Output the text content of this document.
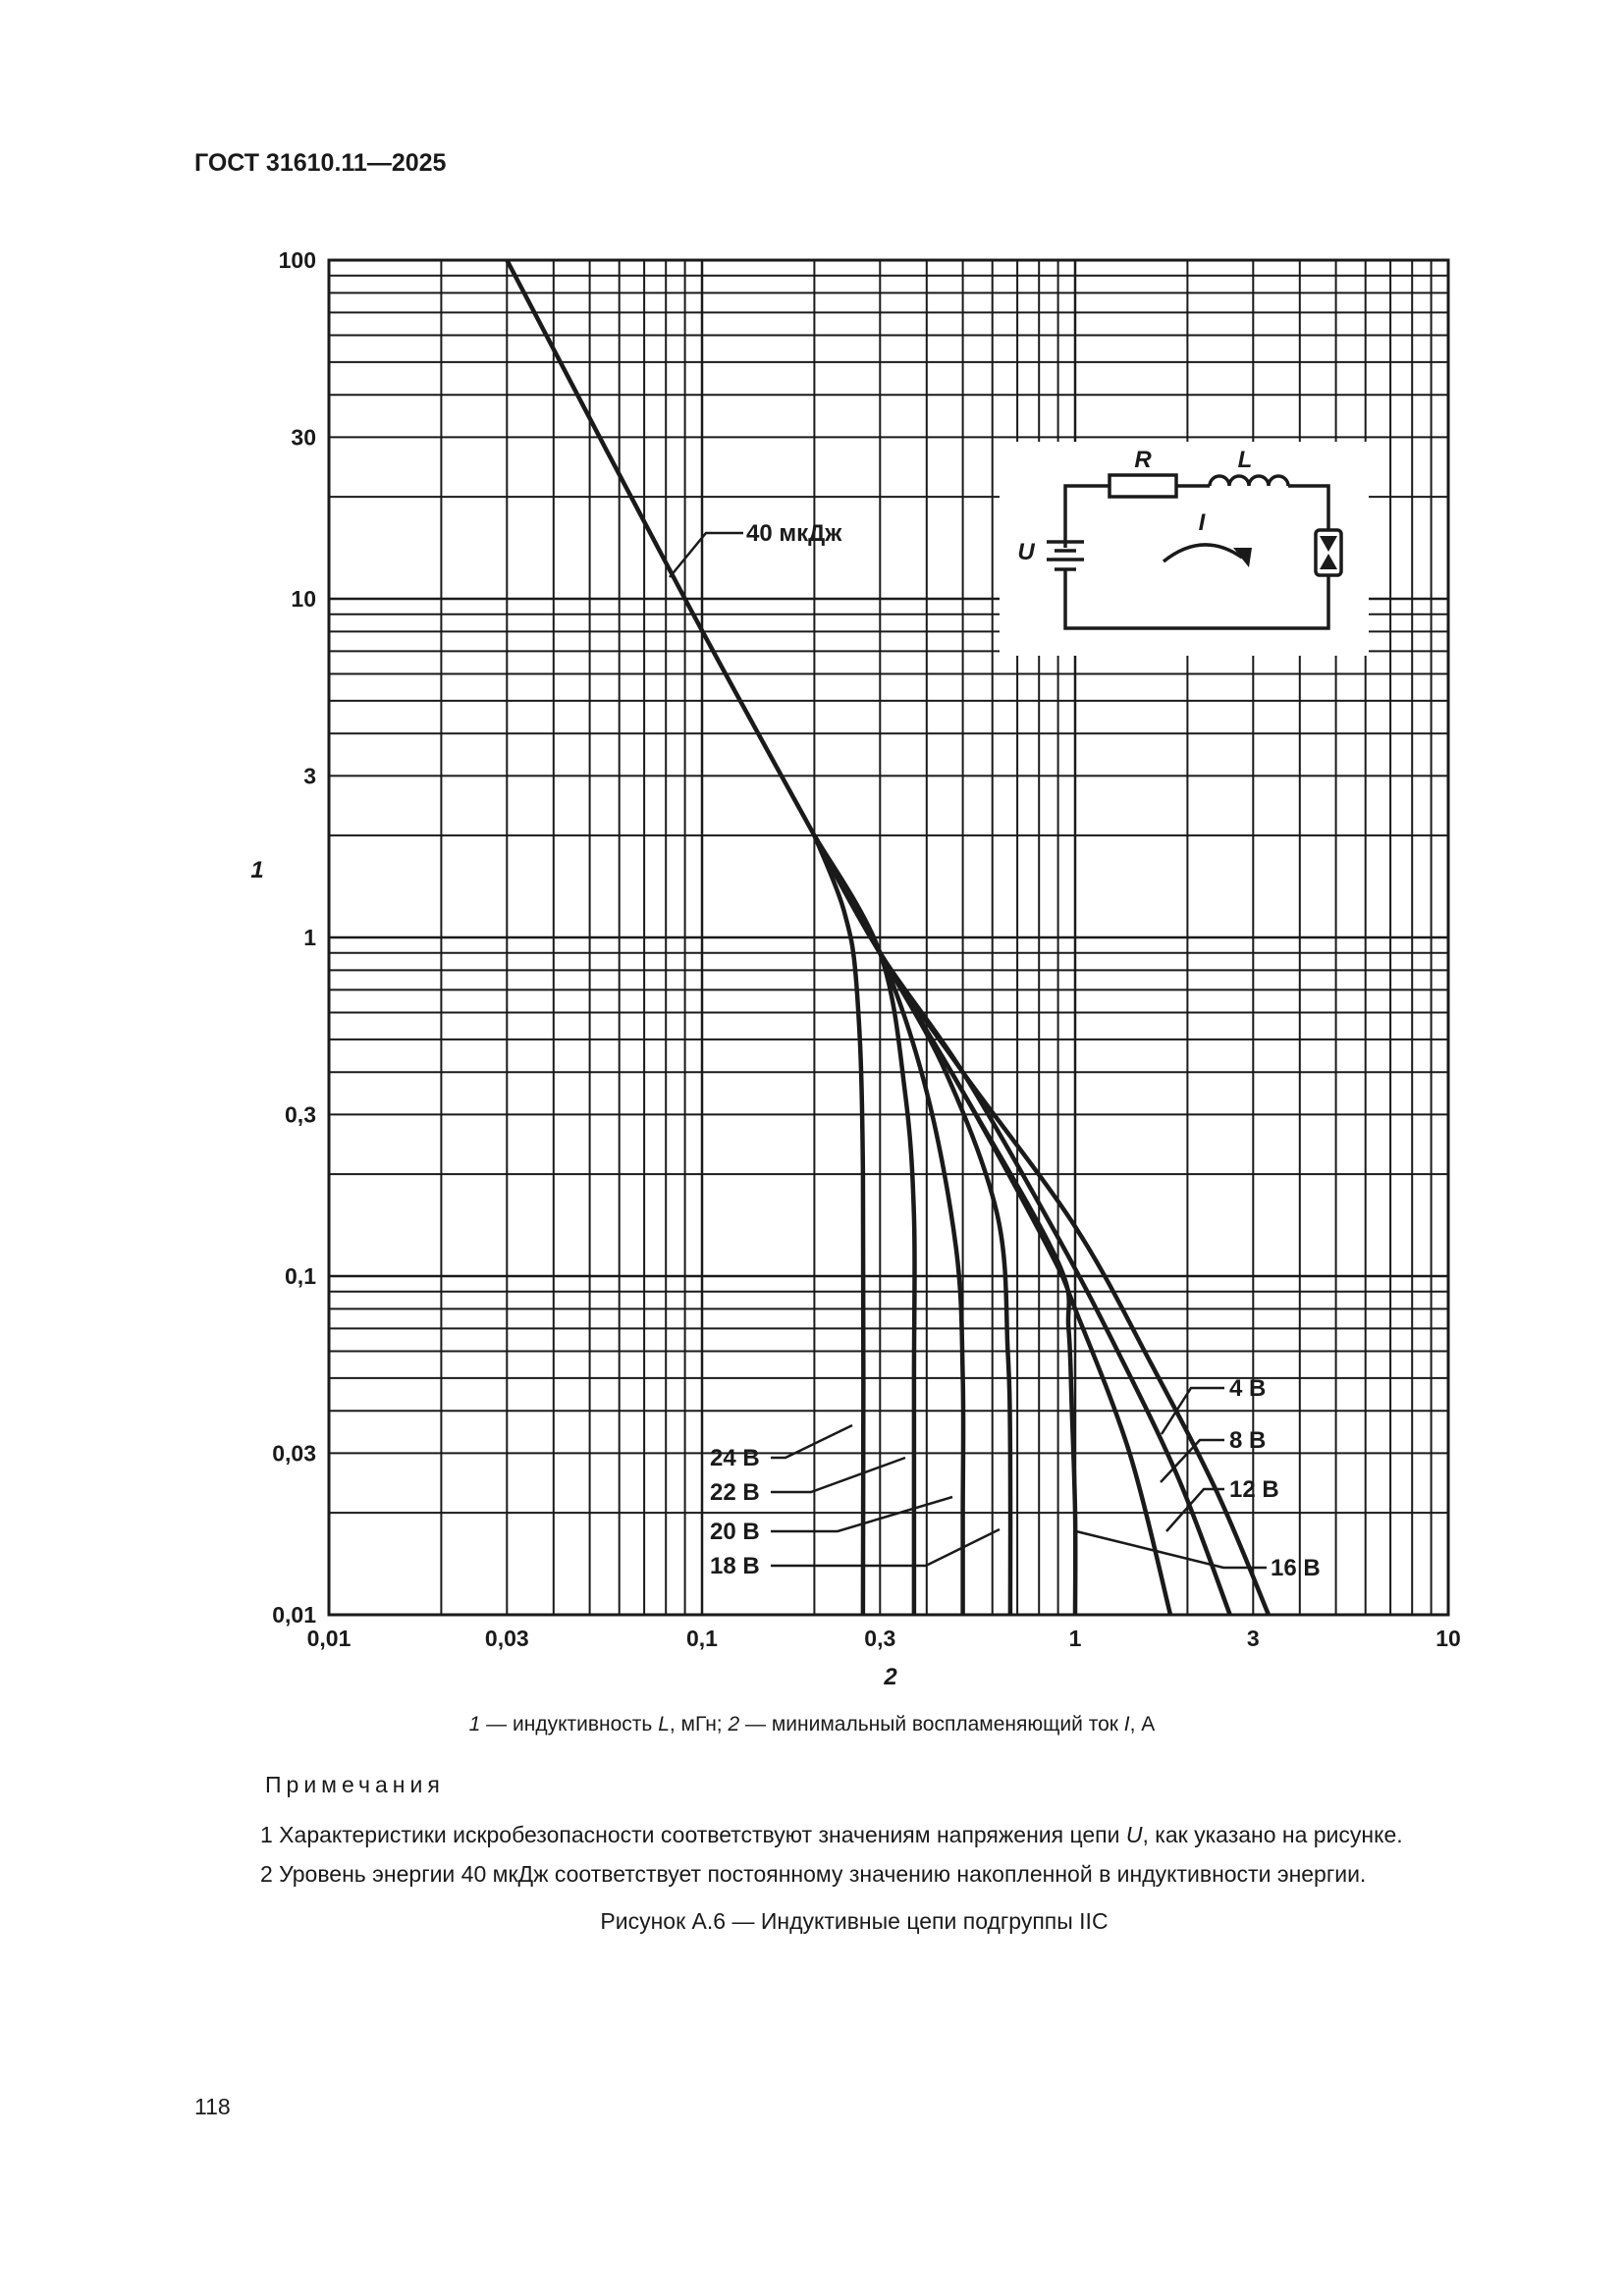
ГОСТ 31610.11—2025
0,01	0,03	0,1	0,3	1	3	10
100
30
10
3
1
0,3
0,1
0,03
0,01
R	L
I
U
40 мкДж
4 В
8 В
12 В
16 В
18 В
20 В
22 В
24 В
1
2
1 — индуктивность L, мГн; 2 — минимальный воспламеняющий ток I, А
Примечания
1 Характеристики искробезопасности соответствуют значениям напряжения цепи U, как указано на рисунке.
2 Уровень энергии 40 мкДж соответствует постоянному значению накопленной в индуктивности энергии.
Рисунок А.6 — Индуктивные цепи подгруппы IIC
118
